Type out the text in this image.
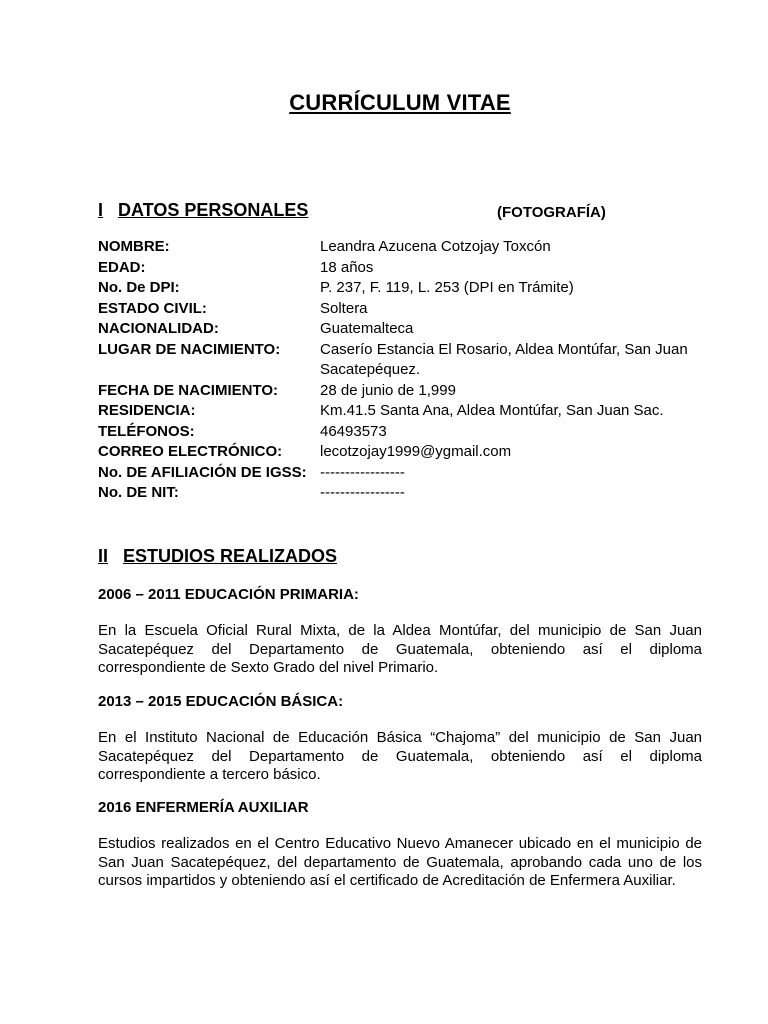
CURRÍCULUM VITAE
I DATOS PERSONALES	(FOTOGRAFÍA)
NOMBRE:	Leandra Azucena Cotzojay Toxcón
EDAD:	18 años
No. De DPI:	P. 237, F. 119, L. 253 (DPI en Trámite)
ESTADO CIVIL:	Soltera
NACIONALIDAD:	Guatemalteca
LUGAR DE NACIMIENTO:	Caserío Estancia El Rosario, Aldea Montúfar, San Juan Sacatepéquez.
FECHA DE NACIMIENTO:	28 de junio de 1,999
RESIDENCIA:	Km.41.5 Santa Ana, Aldea Montúfar, San Juan Sac.
TELÉFONOS:	46493573
CORREO ELECTRÓNICO:	lecotzojay1999@ygmail.com
No. DE AFILIACIÓN DE IGSS: -----------------
No. DE NIT:	-----------------
II ESTUDIOS REALIZADOS
2006 – 2011 EDUCACIÓN PRIMARIA:
En la Escuela Oficial Rural Mixta, de la Aldea Montúfar, del municipio de San Juan Sacatepéquez del Departamento de Guatemala, obteniendo así el diploma correspondiente de Sexto Grado del nivel Primario.
2013 – 2015 EDUCACIÓN BÁSICA:
En el Instituto Nacional de Educación Básica “Chajoma” del municipio de San Juan Sacatepéquez del Departamento de Guatemala, obteniendo así el diploma correspondiente a tercero básico.
2016 ENFERMERÍA AUXILIAR
Estudios realizados en el Centro Educativo Nuevo Amanecer ubicado en el municipio de San Juan Sacatepéquez, del departamento de Guatemala, aprobando cada uno de los cursos impartidos y obteniendo así el certificado de Acreditación de Enfermera Auxiliar.
